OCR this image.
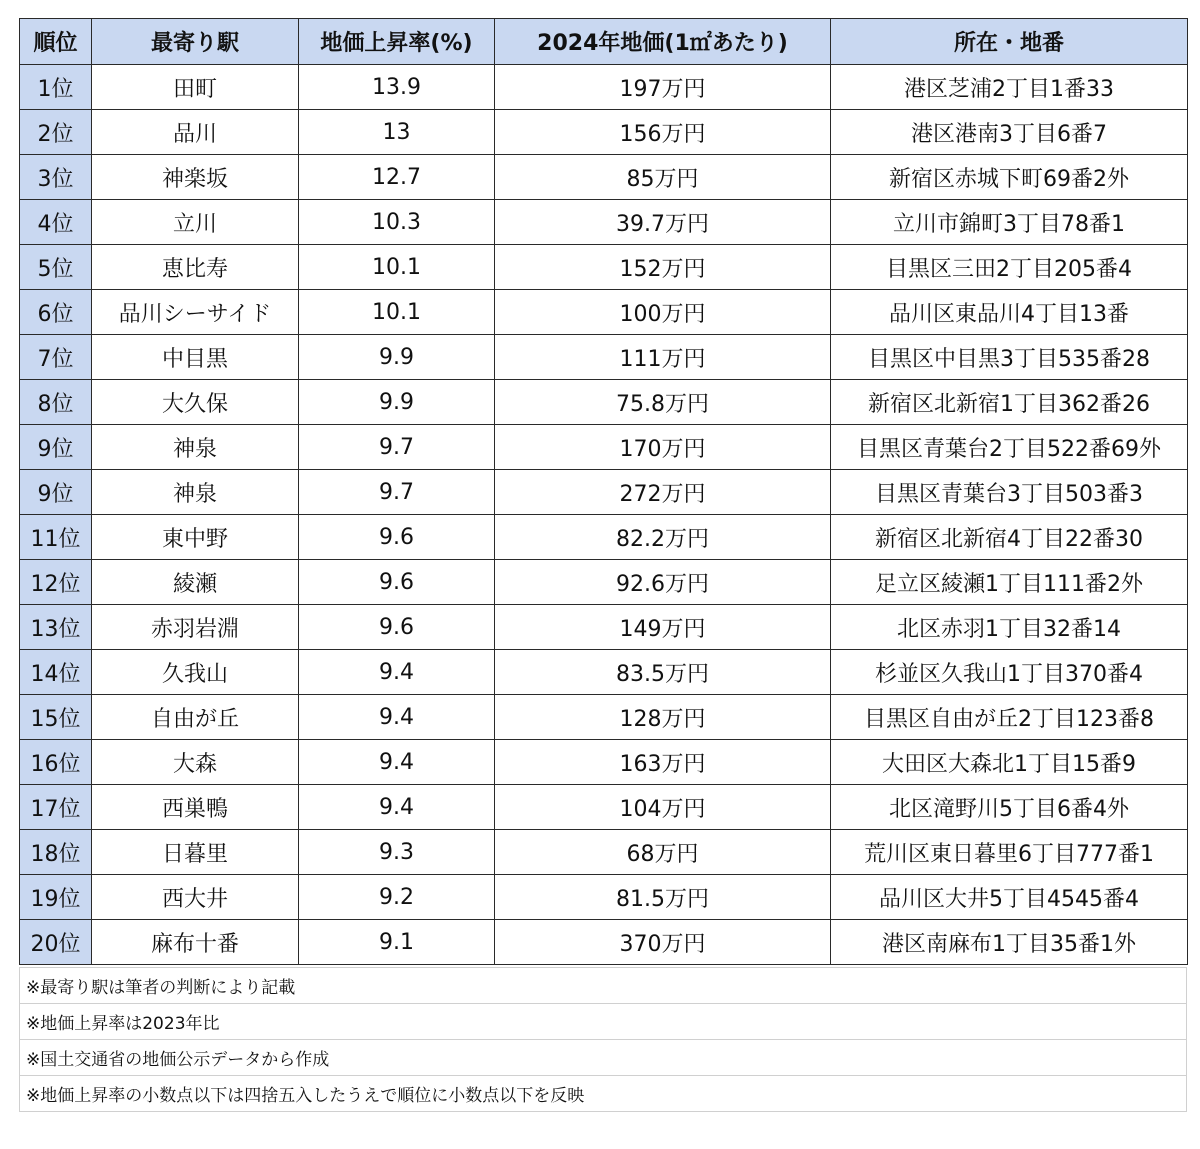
順位	最寄り駅	地価上昇率(%)	2024年地価(1㎡あたり)	所在・地番
1位	田町	13.9	197万円	港区芝浦2丁目1番33
2位	品川	13	156万円	港区港南3丁目6番7
3位	神楽坂	12.7	85万円	新宿区赤城下町69番2外
4位	立川	10.3	39.7万円	立川市錦町3丁目78番1
5位	恵比寿	10.1	152万円	目黒区三田2丁目205番4
6位	品川シーサイド	10.1	100万円	品川区東品川4丁目13番
7位	中目黒	9.9	111万円	目黒区中目黒3丁目535番28
8位	大久保	9.9	75.8万円	新宿区北新宿1丁目362番26
9位	神泉	9.7	170万円	目黒区青葉台2丁目522番69外
9位	神泉	9.7	272万円	目黒区青葉台3丁目503番3
11位	東中野	9.6	82.2万円	新宿区北新宿4丁目22番30
12位	綾瀬	9.6	92.6万円	足立区綾瀬1丁目111番2外
13位	赤羽岩淵	9.6	149万円	北区赤羽1丁目32番14
14位	久我山	9.4	83.5万円	杉並区久我山1丁目370番4
15位	自由が丘	9.4	128万円	目黒区自由が丘2丁目123番8
16位	大森	9.4	163万円	大田区大森北1丁目15番9
17位	西巣鴨	9.4	104万円	北区滝野川5丁目6番4外
18位	日暮里	9.3	68万円	荒川区東日暮里6丁目777番1
19位	西大井	9.2	81.5万円	品川区大井5丁目4545番4
20位	麻布十番	9.1	370万円	港区南麻布1丁目35番1外
※最寄り駅は筆者の判断により記載
※地価上昇率は2023年比
※国土交通省の地価公示データから作成
※地価上昇率の小数点以下は四捨五入したうえで順位に小数点以下を反映
